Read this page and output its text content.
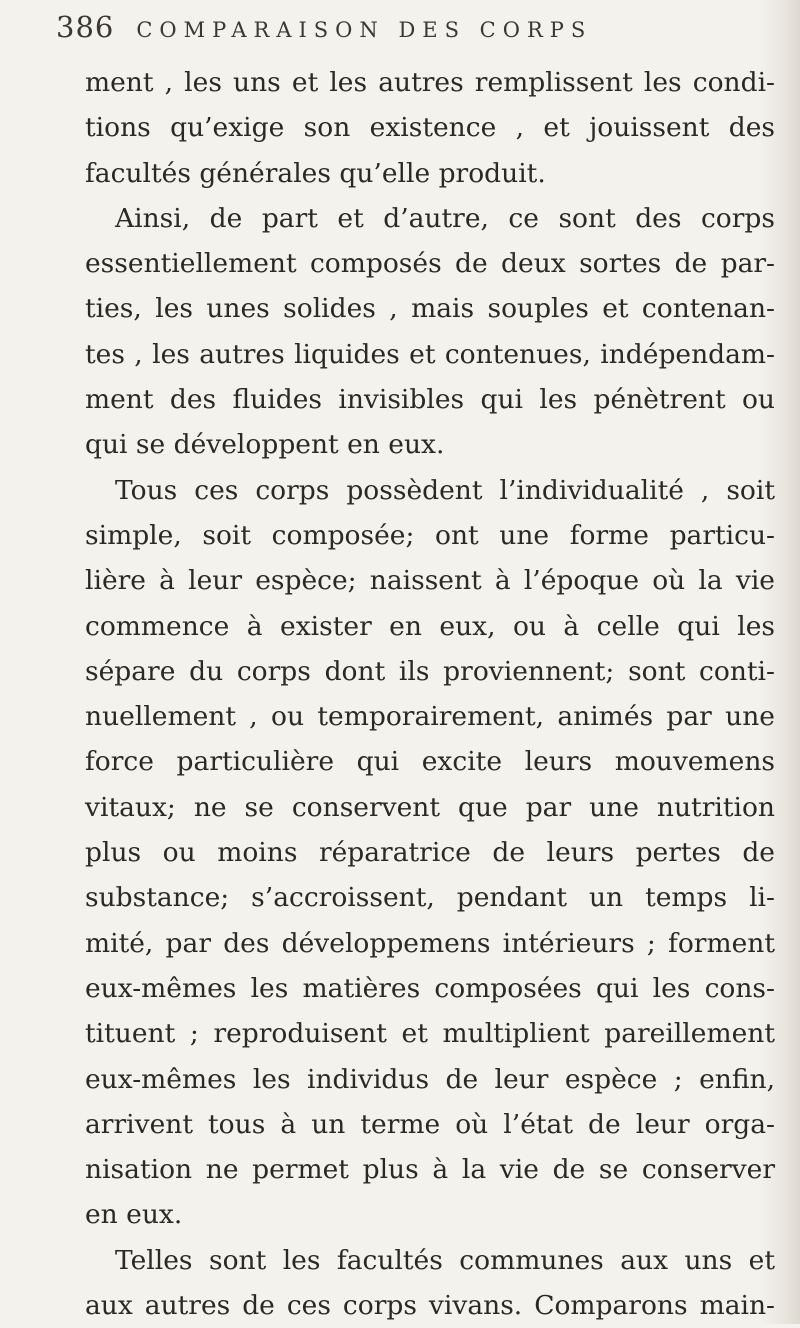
386 COMPARAISON DES CORPS
ment , les uns et les autres remplissent les condi-
tions qu’exige son existence , et jouissent des
facultés générales qu’elle produit.
Ainsi, de part et d’autre, ce sont des corps
essentiellement composés de deux sortes de par-
ties, les unes solides , mais souples et contenan-
tes , les autres liquides et contenues, indépendam-
ment des fluides invisibles qui les pénètrent ou
qui se développent en eux.
Tous ces corps possèdent l’individualité , soit
simple, soit composée; ont une forme particu-
lière à leur espèce; naissent à l’époque où la vie
commence à exister en eux, ou à celle qui les
sépare du corps dont ils proviennent; sont conti-
nuellement , ou temporairement, animés par une
force particulière qui excite leurs mouvemens
vitaux; ne se conservent que par une nutrition
plus ou moins réparatrice de leurs pertes de
substance; s’accroissent, pendant un temps li-
mité, par des développemens intérieurs ; forment
eux-mêmes les matières composées qui les cons-
tituent ; reproduisent et multiplient pareillement
eux-mêmes les individus de leur espèce ; enfin,
arrivent tous à un terme où l’état de leur orga-
nisation ne permet plus à la vie de se conserver
en eux.
Telles sont les facultés communes aux uns et
aux autres de ces corps vivans. Comparons main-
